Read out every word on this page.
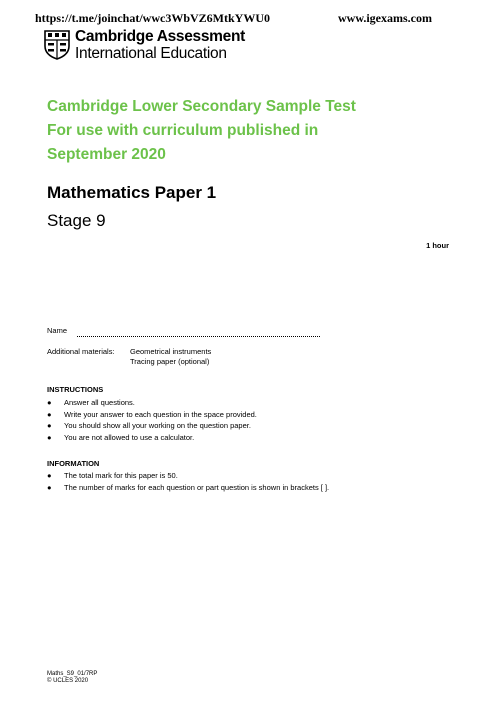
https://t.me/joinchat/wwc3WbVZ6MtkYWU0	www.igexams.com
Cambridge Assessment
International Education
Cambridge Lower Secondary Sample Test
For use with curriculum published in
September 2020
Mathematics Paper 1
Stage 9
1 hour
Name
Additional materials: Geometrical instruments
Tracing paper (optional)
INSTRUCTIONS
● Answer all questions.
● Write your answer to each question in the space provided.
● You should show all your working on the question paper.
● You are not allowed to use a calculator.
INFORMATION
● The total mark for this paper is 50.
● The number of marks for each question or part question is shown in brackets [ ].
Maths_S9_01/7RP
© UCLES 2020
